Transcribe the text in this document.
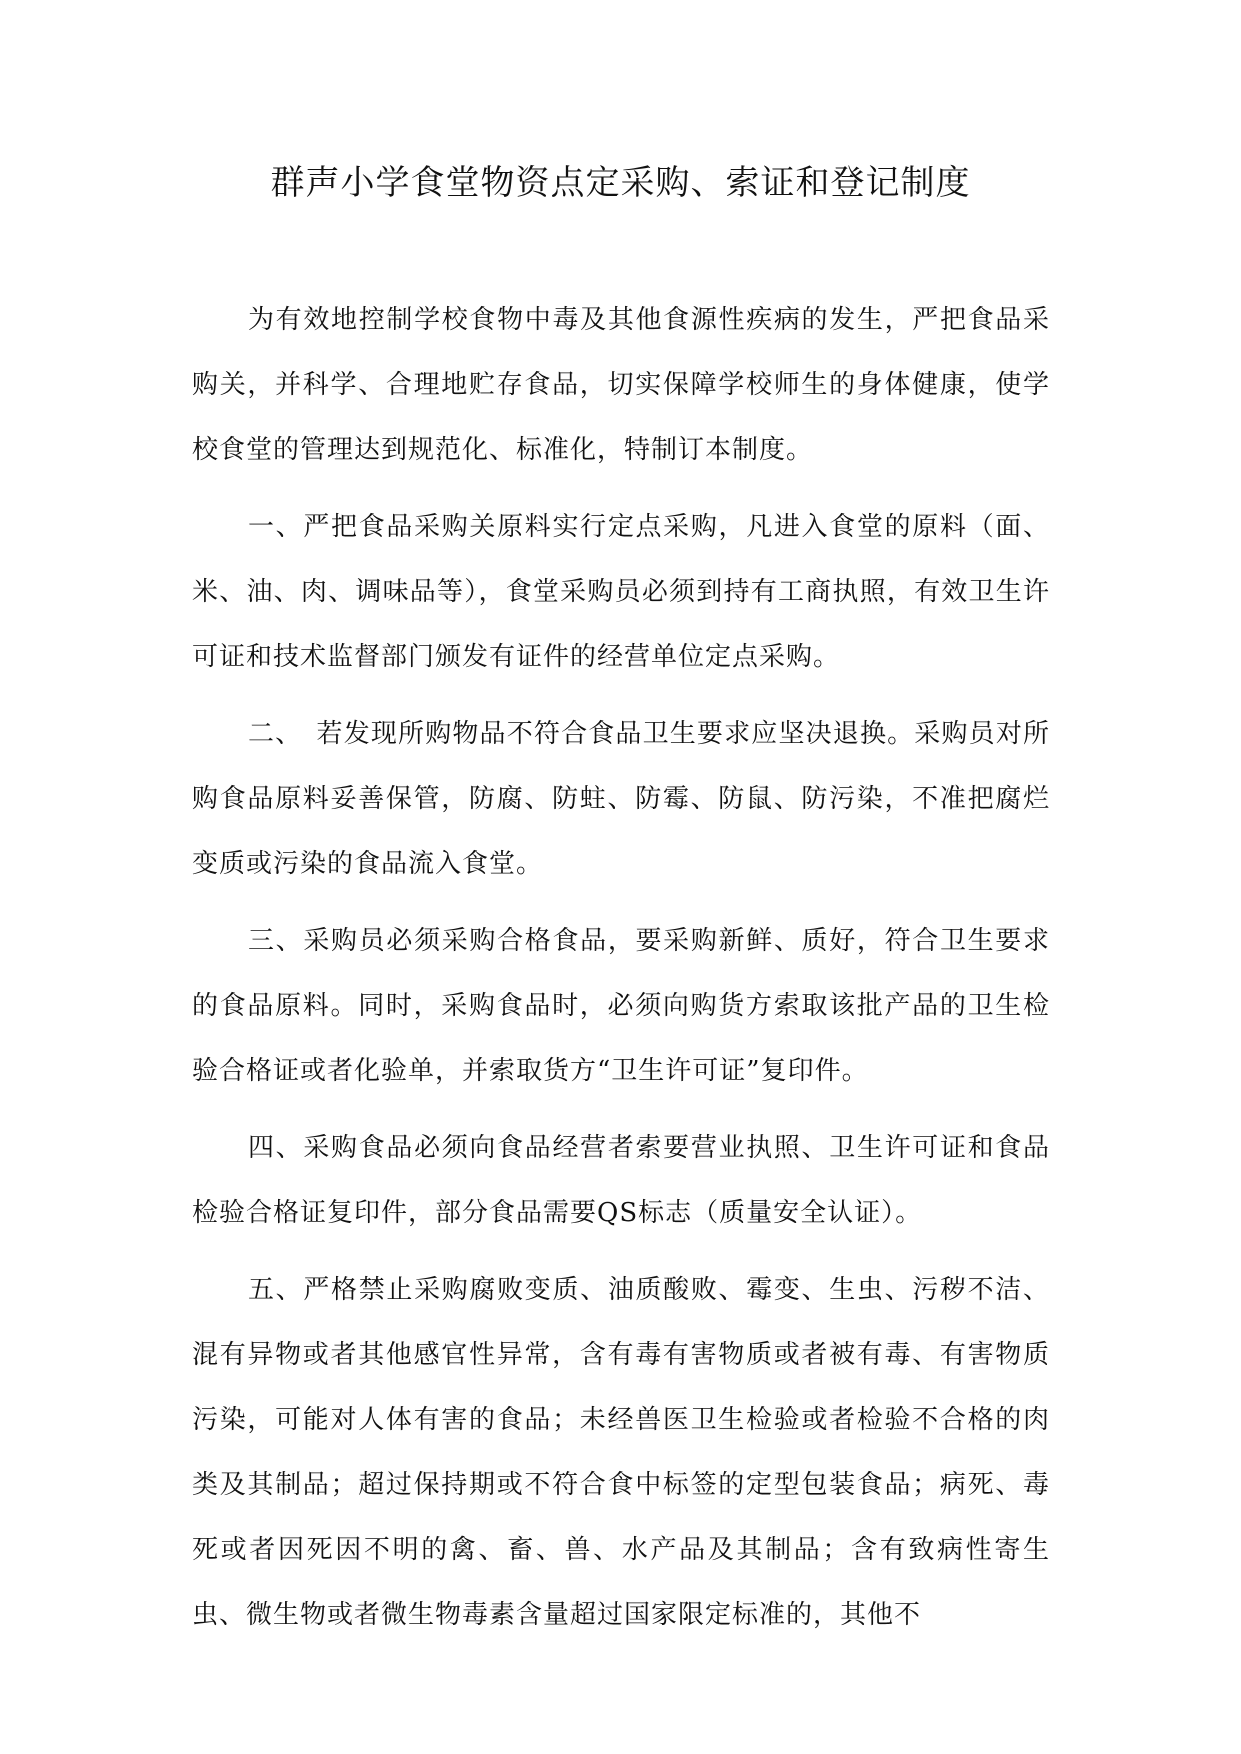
群声小学食堂物资点定采购、索证和登记制度

为有效地控制学校食物中毒及其他食源性疾病的发生，严把食品采购关，并科学、合理地贮存食品，切实保障学校师生的身体健康，使学校食堂的管理达到规范化、标准化，特制订本制度。

一、严把食品采购关原料实行定点采购，凡进入食堂的原料（面、米、油、肉、调味品等），食堂采购员必须到持有工商执照，有效卫生许可证和技术监督部门颁发有证件的经营单位定点采购。

二、　若发现所购物品不符合食品卫生要求应坚决退换。采购员对所购食品原料妥善保管，防腐、防蛀、防霉、防鼠、防污染，不准把腐烂变质或污染的食品流入食堂。

三、采购员必须采购合格食品，要采购新鲜、质好，符合卫生要求的食品原料。同时，采购食品时，必须向购货方索取该批产品的卫生检验合格证或者化验单，并索取货方“卫生许可证”复印件。

四、采购食品必须向食品经营者索要营业执照、卫生许可证和食品检验合格证复印件，部分食品需要QS标志（质量安全认证）。

五、严格禁止采购腐败变质、油质酸败、霉变、生虫、污秽不洁、混有异物或者其他感官性异常，含有毒有害物质或者被有毒、有害物质污染，可能对人体有害的食品；未经兽医卫生检验或者检验不合格的肉类及其制品；超过保持期或不符合食中标签的定型包装食品；病死、毒死或者因死因不明的禽、畜、兽、水产品及其制品；含有致病性寄生虫、微生物或者微生物毒素含量超过国家限定标准的，其他不
